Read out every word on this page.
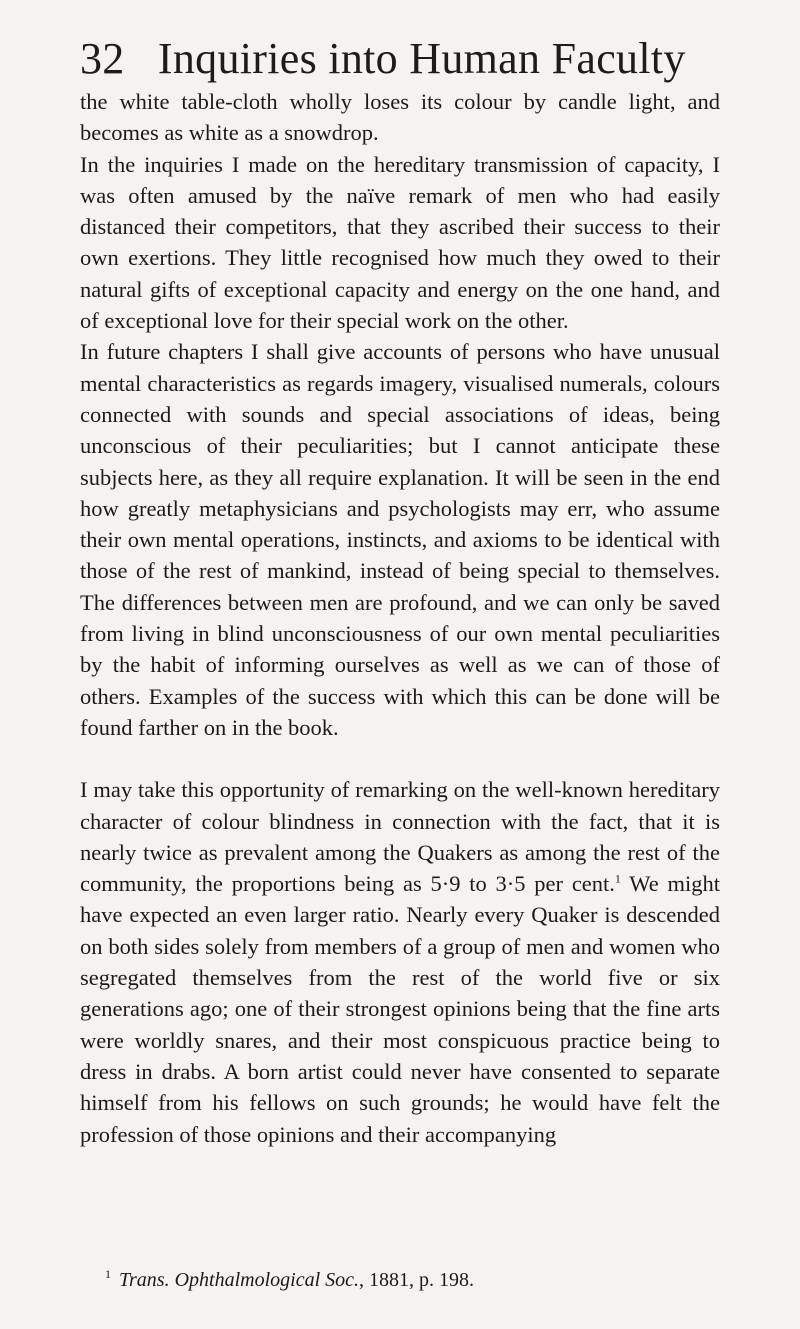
32 Inquiries into Human Faculty

the white table-cloth wholly loses its colour by candle light, and becomes as white as a snowdrop.

In the inquiries I made on the hereditary transmission of capacity, I was often amused by the naïve remark of men who had easily distanced their competitors, that they ascribed their success to their own exertions. They little recognised how much they owed to their natural gifts of exceptional capacity and energy on the one hand, and of exceptional love for their special work on the other.

In future chapters I shall give accounts of persons who have unusual mental characteristics as regards imagery, visualised numerals, colours connected with sounds and special associations of ideas, being unconscious of their peculiarities; but I cannot anticipate these subjects here, as they all require explanation. It will be seen in the end how greatly metaphysicians and psychologists may err, who assume their own mental operations, instincts, and axioms to be identical with those of the rest of mankind, instead of being special to themselves. The differences between men are profound, and we can only be saved from living in blind unconsciousness of our own mental peculiarities by the habit of informing ourselves as well as we can of those of others. Examples of the success with which this can be done will be found farther on in the book.

I may take this opportunity of remarking on the well-known hereditary character of colour blindness in connection with the fact, that it is nearly twice as prevalent among the Quakers as among the rest of the community, the proportions being as 5·9 to 3·5 per cent.$^1$ We might have expected an even larger ratio. Nearly every Quaker is descended on both sides solely from members of a group of men and women who segregated themselves from the rest of the world five or six generations ago; one of their strongest opinions being that the fine arts were worldly snares, and their most conspicuous practice being to dress in drabs. A born artist could never have consented to separate himself from his fellows on such grounds; he would have felt the profession of those opinions and their accompanying

$^1$ Trans. Ophthalmological Soc., 1881, p. 198.
